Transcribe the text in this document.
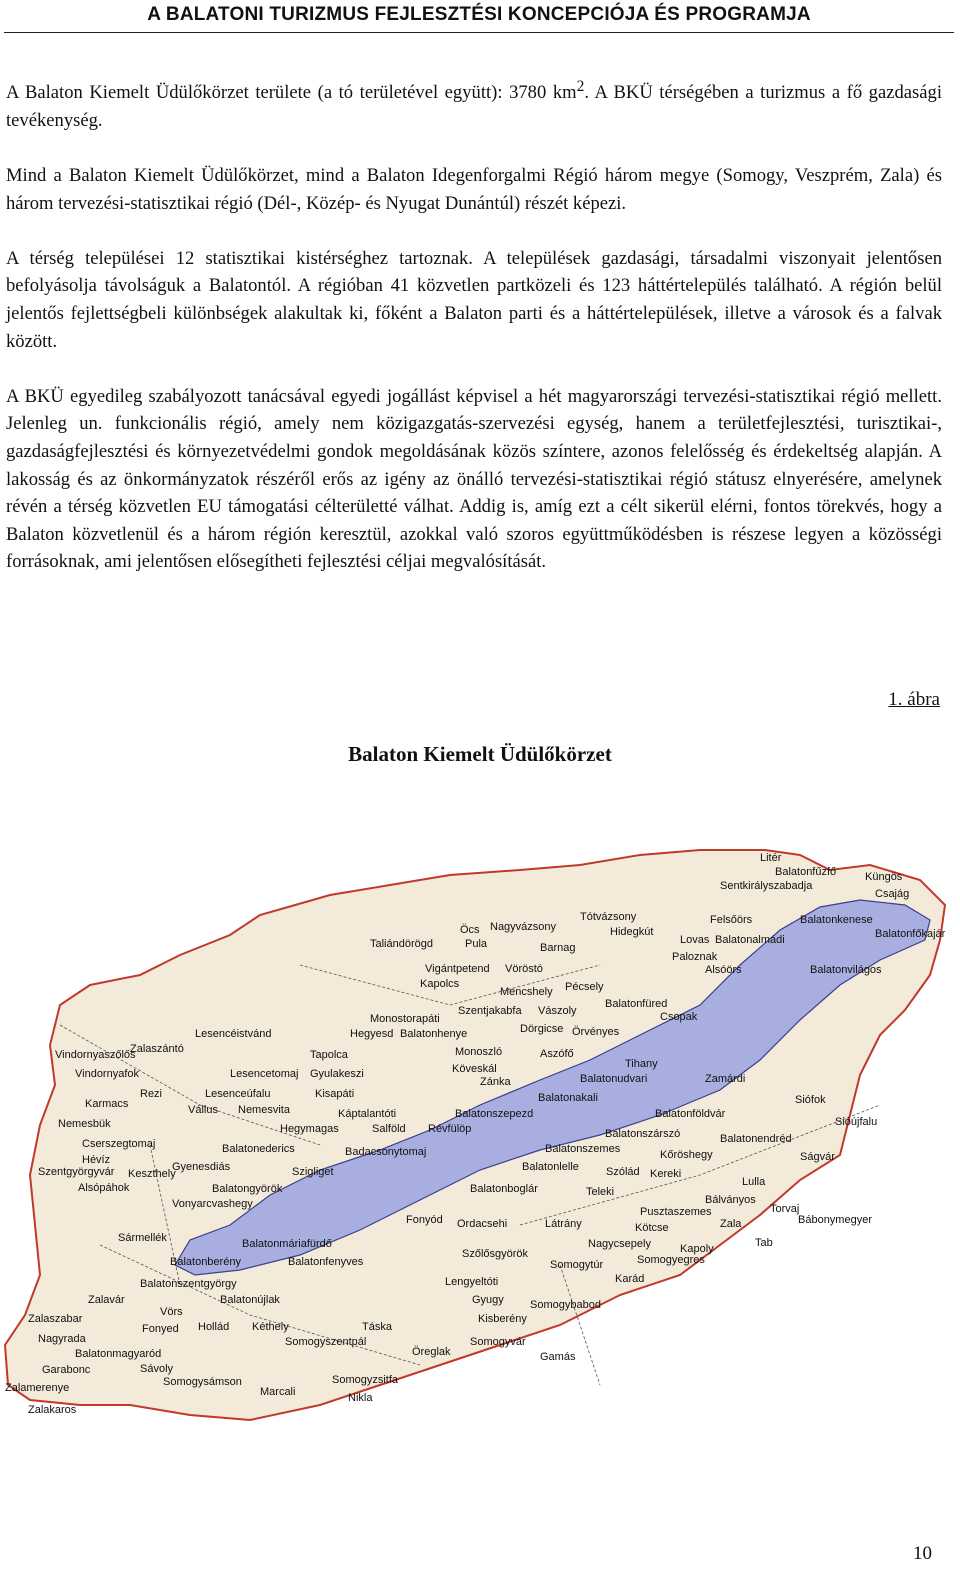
A BALATONI TURIZMUS FEJLESZTÉSI KONCEPCIÓJA ÉS PROGRAMJA

A Balaton Kiemelt Üdülőkörzet területe (a tó területével együtt): 3780 $km^2$. A BKÜ térségében a turizmus a fő gazdasági tevékenység.

Mind a Balaton Kiemelt Üdülőkörzet, mind a Balaton Idegenforgalmi Régió három megye (Somogy, Veszprém, Zala) és három tervezési-statisztikai régió (Dél-, Közép- és Nyugat Dunántúl) részét képezi.

A térség települései 12 statisztikai kistérséghez tartoznak. A települések gazdasági, társadalmi viszonyait jelentősen befolyásolja távolságuk a Balatontól. A régióban 41 közvetlen partközeli és 123 háttértelepülés található. A régión belül jelentős fejlettségbeli különbségek alakultak ki, főként a Balaton parti és a háttértelepülések, illetve a városok és a falvak között.

A BKÜ egyedileg szabályozott tanácsával egyedi jogállást képvisel a hét magyarországi tervezési-statisztikai régió mellett. Jelenleg un. funkcionális régió, amely nem közigazgatás-szervezési egység, hanem a területfejlesztési, turisztikai-, gazdaságfejlesztési és környezetvédelmi gondok megoldásának közös színtere, azonos felelősség és érdekeltség alapján. A lakosság és az önkormányzatok részéről erős az igény az önálló tervezési-statisztikai régió státusz elnyerésére, amelynek révén a térség közvetlen EU támogatási célterületté válhat. Addig is, amíg ezt a célt sikerül elérni, fontos törekvés, hogy a Balaton közvetlenül és a három régión keresztül, azokkal való szoros együttműködésben is részese legyen a közösségi forrásoknak, ami jelentősen elősegítheti fejlesztési céljai megvalósítását.

1. ábra
Balaton Kiemelt Üdülőkörzet
Litér
Balatonfűzfő
Sentkirályszabadja
Küngös
Csajág
Tótvázsony	Felsőörs	Balatonkenese
Öcs Nagyvázsony	Hidegkút	Balatonfőkajár
Taliándörögd	Pula	Barnag
Lovas Balatonalmádi
Vigántpetend Vöröstó
Paloznak
Balatonvilágos
Kapolcs	Pécsely
Alsóörs
Mencshely
Balatonfüred
Monostorapáti
Szentjakabfa Vászoly	Csopak
Lesencéistvánd	Hegyesd Balatonhenye	Dörgicse Örvényes
Zalaszántó	Tapolca	Monoszló	Aszófő
Vindornyaszőlős
Köveskál
Zánka
Tihany
Vindornyafok	Lesencetomaj Gyulakeszi	Balatonudvari	Zamárdi
Siófok
Rezi	Lesenceúfalu	Kisapáti	Balatonakali
Sióújfalu
Karmacs	Vállus Nemesvita	Káptalantóti	Balatonszepezd	Balatonföldvár
Nemesbük	Hegymagas	Salföld Révfülöp	Balatonszárszó	Balatonendréd
Cserszegtomaj	Balatonederics	Badacsonytomaj	Balatonszemes	Kőröshegy	Ságvár
Hévíz
Gyenesdiás	Szigliget	Balatonlelle
Kereki
Szentgyörgyvár Keszthely	Szólád
Lulla
Alsópáhok	Balatongyörök	Balatonboglár	Teleki
Bálványos
Vonyarcvashegy
Pusztaszemes	Torvaj
Fonyód Ordacsehi	Látrány	Kötcse	Zala	Bábonymegyer
Sármellék	Balatonmáriafürdő	Nagycsepely	Tab
Balatonberény	Balatonfenyves
Szőlősgyörök	Kapoly
Somogytúr	Somogyegres
Balatonszentgyörgy	Lengyeltóti	Karád
Zalavár	Balatonújlak	Gyugy Somogybabod
Vörs
Kisberény
Zalaszabar
Fonyed Hollád Kéthely	Táska
Nagyrada
Balatonmagyaród
Somogyszentpál
Öreglak
Somogyvár
Garabonc	Sávoly
Gamás
Zalamerenye	Somogysámson
Marcali
Somogyzsitfa
Nikla
Zalakaros
10
